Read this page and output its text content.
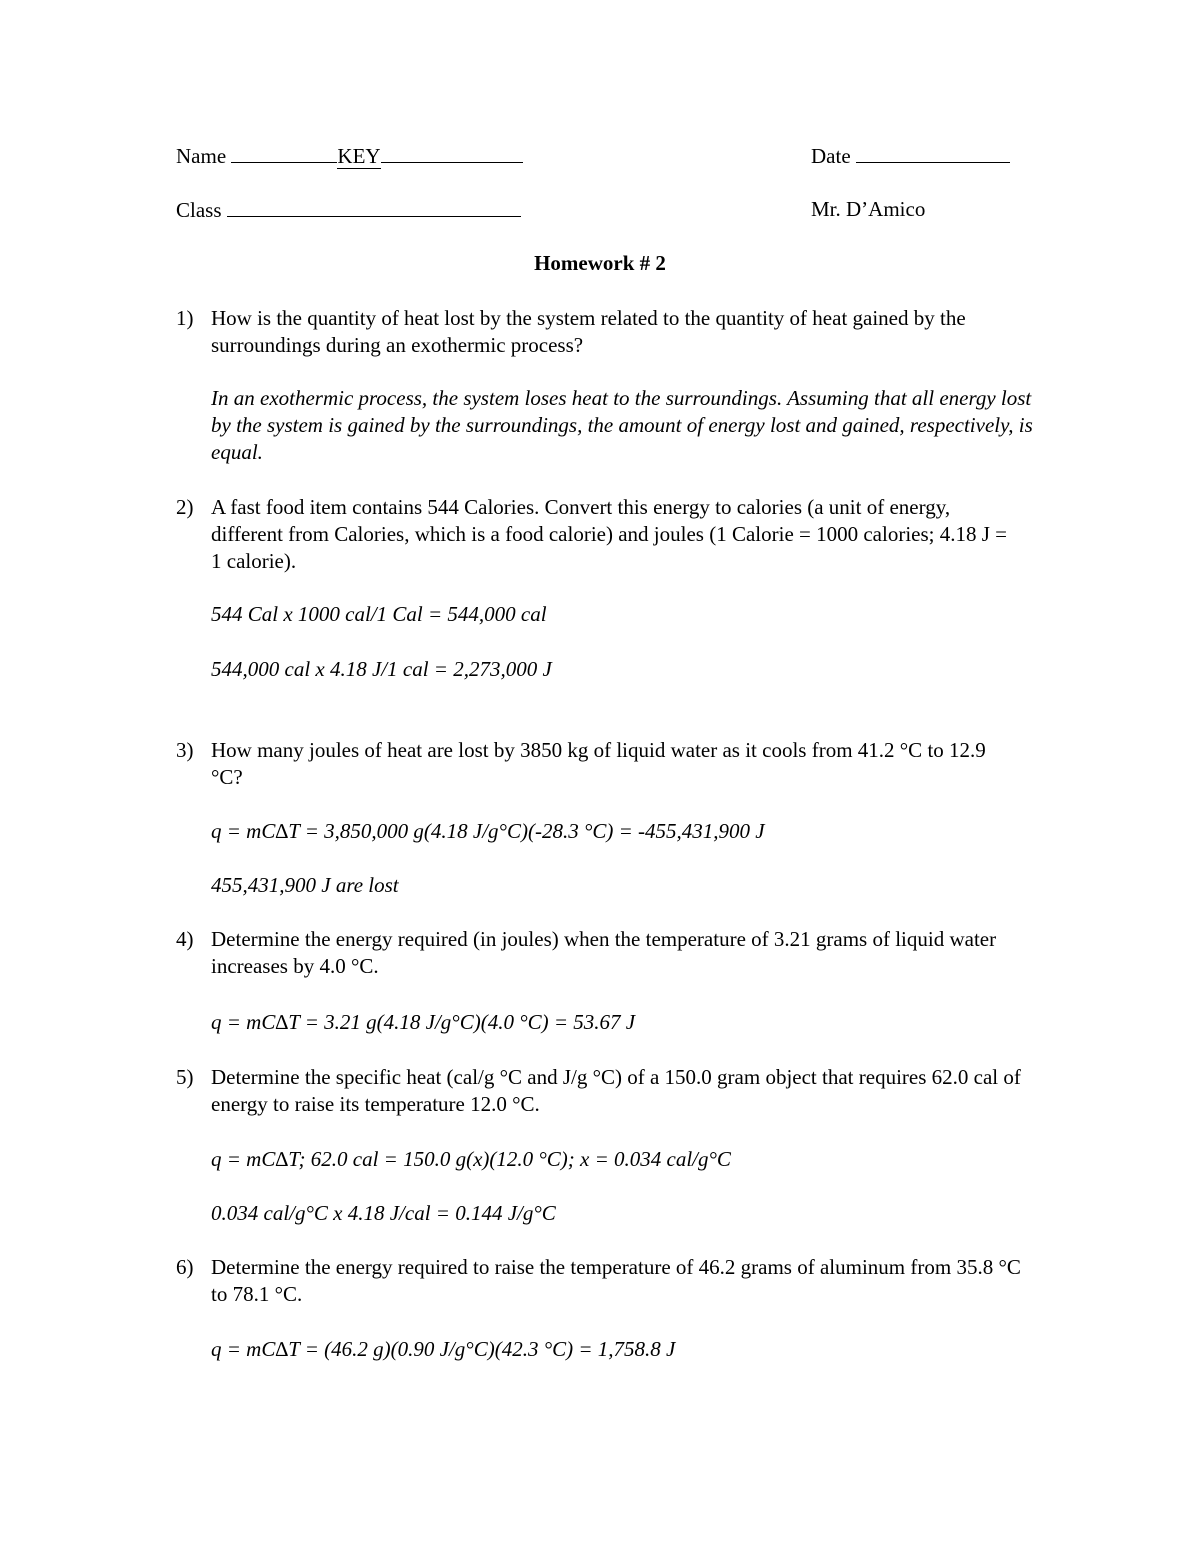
Name	KEY	Date
Class	Mr. D’Amico
Homework # 2
1) How is the quantity of heat lost by the system related to the quantity of heat gained by the surroundings during an exothermic process?
In an exothermic process, the system loses heat to the surroundings. Assuming that all energy lost by the system is gained by the surroundings, the amount of energy lost and gained, respectively, is equal.
2) A fast food item contains 544 Calories. Convert this energy to calories (a unit of energy, different from Calories, which is a food calorie) and joules (1 Calorie = 1000 calories; 4.18 J = 1 calorie).
544 Cal x 1000 cal/1 Cal = 544,000 cal
544,000 cal x 4.18 J/1 cal = 2,273,000 J
3) How many joules of heat are lost by 3850 kg of liquid water as it cools from 41.2 °C to 12.9 °C?
q = mC∆T = 3,850,000 g(4.18 J/g°C)(-28.3 °C) = -455,431,900 J
455,431,900 J are lost
4) Determine the energy required (in joules) when the temperature of 3.21 grams of liquid water increases by 4.0 °C.
q = mC∆T = 3.21 g(4.18 J/g°C)(4.0 °C) = 53.67 J
5) Determine the specific heat (cal/g °C and J/g °C) of a 150.0 gram object that requires 62.0 cal of energy to raise its temperature 12.0 °C.
q = mC∆T; 62.0 cal = 150.0 g(x)(12.0 °C); x = 0.034 cal/g°C
0.034 cal/g°C x 4.18 J/cal = 0.144 J/g°C
6) Determine the energy required to raise the temperature of 46.2 grams of aluminum from 35.8 °C to 78.1 °C.
q = mC∆T = (46.2 g)(0.90 J/g°C)(42.3 °C) = 1,758.8 J
